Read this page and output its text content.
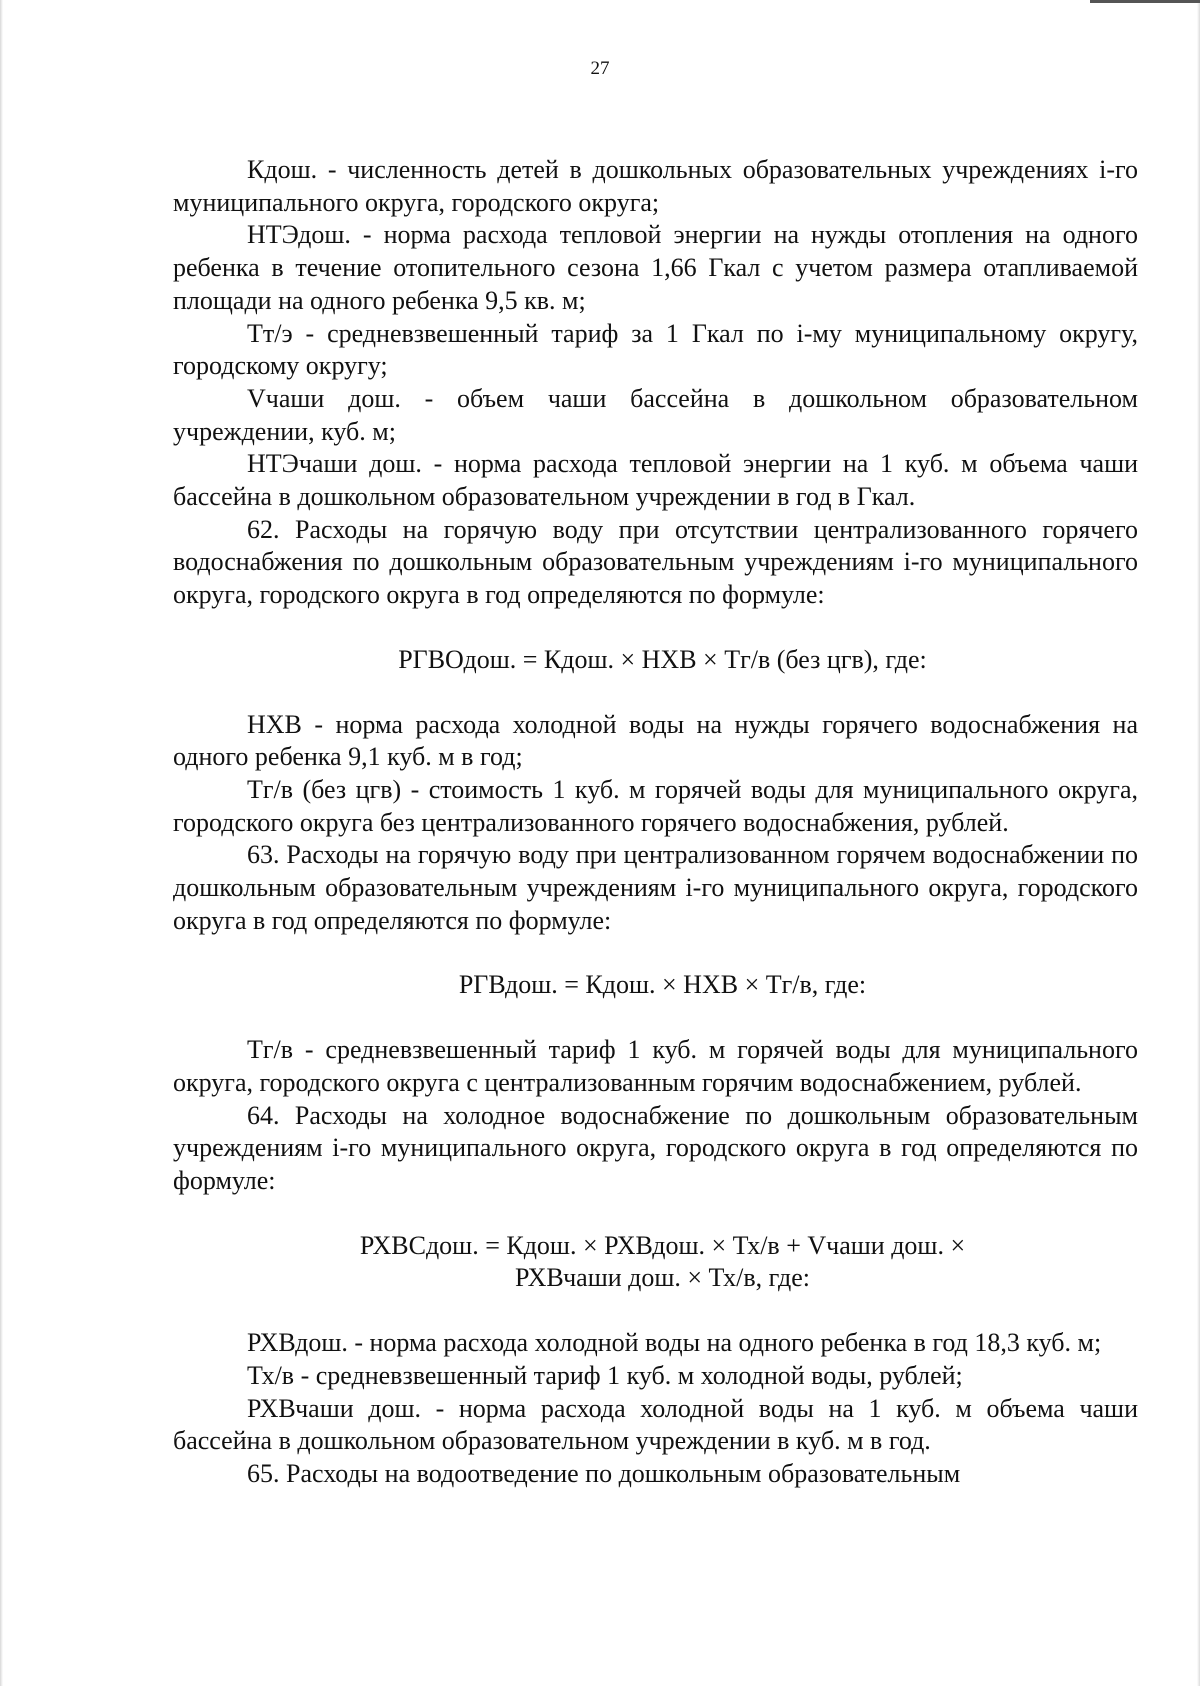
27

Кдош. - численность детей в дошкольных образовательных учреждениях i-го муниципального округа, городского округа;

НТЭдош. - норма расхода тепловой энергии на нужды отопления на одного ребенка в течение отопительного сезона 1,66 Гкал с учетом размера отапливаемой площади на одного ребенка 9,5 кв. м;

Тт/э - средневзвешенный тариф за 1 Гкал по i-му муниципальному округу, городскому округу;

Vчаши дош. - объем чаши бассейна в дошкольном образовательном учреждении, куб. м;

НТЭчаши дош. - норма расхода тепловой энергии на 1 куб. м объема чаши бассейна в дошкольном образовательном учреждении в год в Гкал.

62. Расходы на горячую воду при отсутствии централизованного горячего водоснабжения по дошкольным образовательным учреждениям i-го муниципального округа, городского округа в год определяются по формуле:

РГВОдош. = Кдош. × НХВ × Тг/в (без цгв), где:

НХВ - норма расхода холодной воды на нужды горячего водоснабжения на одного ребенка 9,1 куб. м в год;

Тг/в (без цгв) - стоимость 1 куб. м горячей воды для муниципального округа, городского округа без централизованного горячего водоснабжения, рублей.

63. Расходы на горячую воду при централизованном горячем водоснабжении по дошкольным образовательным учреждениям i-го муниципального округа, городского округа в год определяются по формуле:

РГВдош. = Кдош. × НХВ × Тг/в, где:

Тг/в - средневзвешенный тариф 1 куб. м горячей воды для муниципального округа, городского округа с централизованным горячим водоснабжением, рублей.

64. Расходы на холодное водоснабжение по дошкольным образовательным учреждениям i-го муниципального округа, городского округа в год определяются по формуле:

РХВСдош. = Кдош. × РХВдош. × Тх/в + Vчаши дош. ×
РХВчаши дош. × Тх/в, где:

РХВдош. - норма расхода холодной воды на одного ребенка в год 18,3 куб. м;

Тх/в - средневзвешенный тариф 1 куб. м холодной воды, рублей;

РХВчаши дош. - норма расхода холодной воды на 1 куб. м объема чаши бассейна в дошкольном образовательном учреждении в куб. м в год.

65. Расходы на водоотведение по дошкольным образовательным
